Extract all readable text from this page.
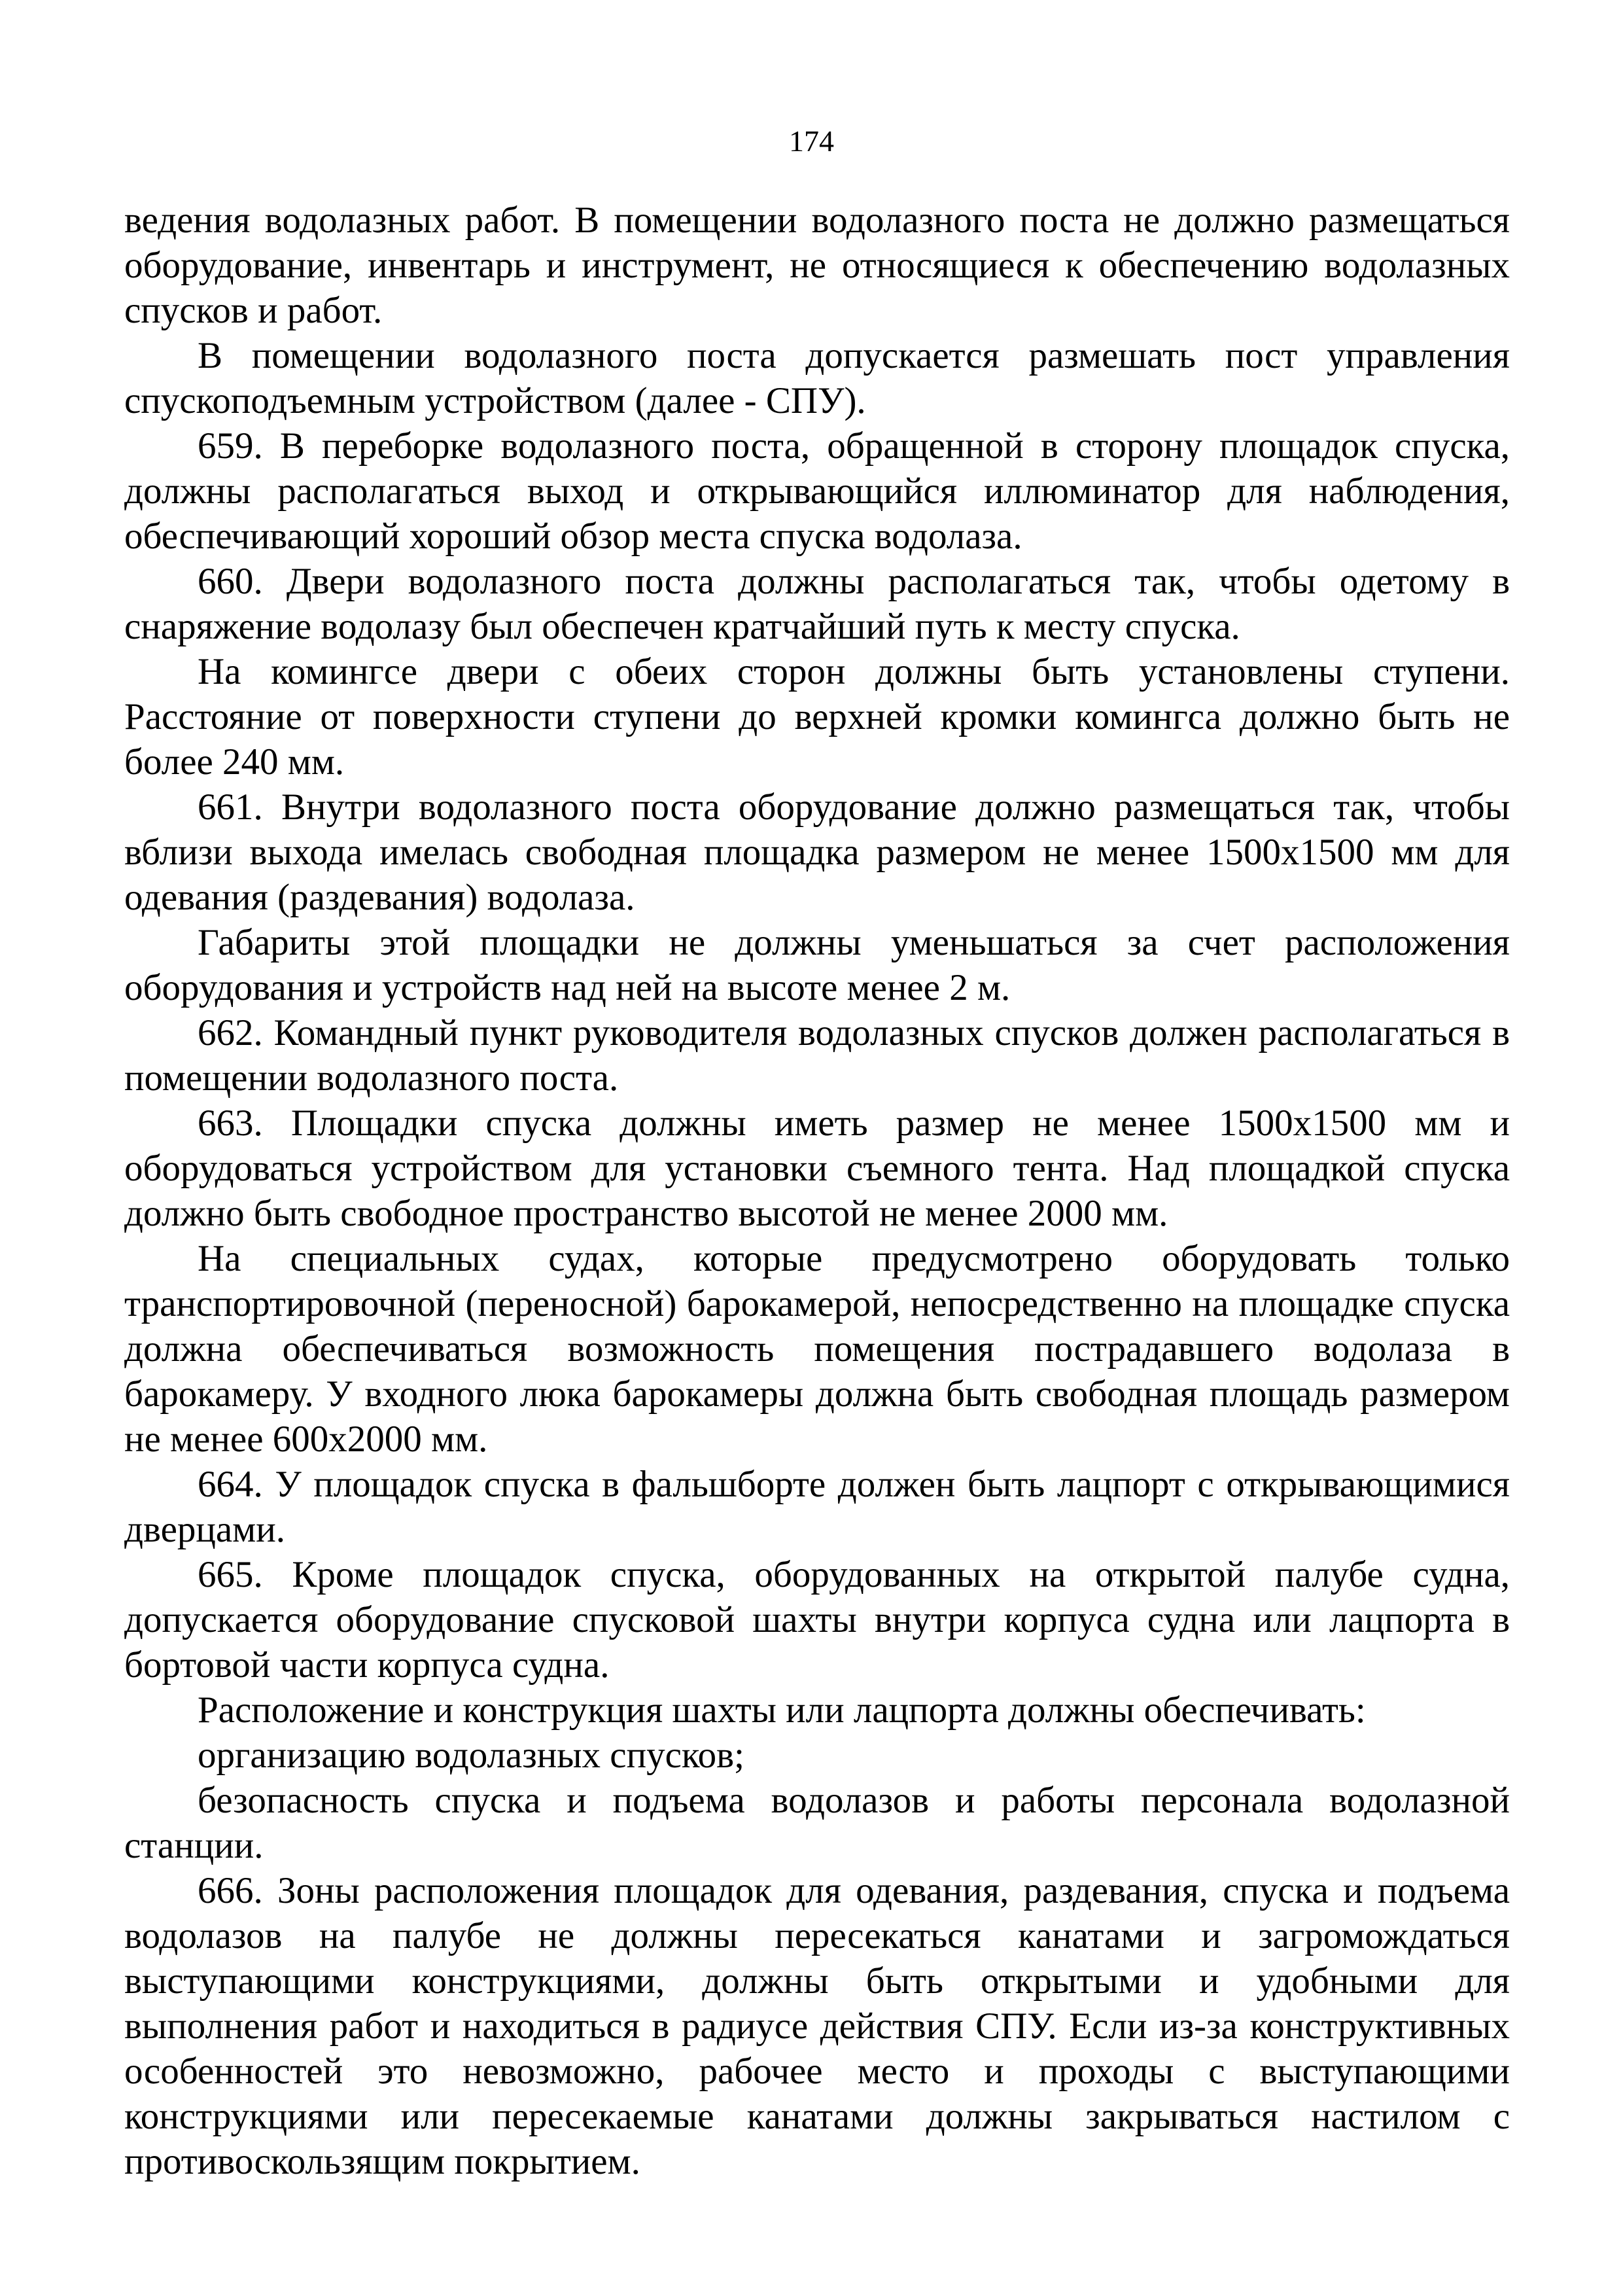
174

ведения водолазных работ. В помещении водолазного поста не должно размещаться оборудование, инвентарь и инструмент, не относящиеся к обеспечению водолазных спусков и работ.

В помещении водолазного поста допускается размешать пост управления спускоподъемным устройством (далее - СПУ).

659. В переборке водолазного поста, обращенной в сторону площадок спуска, должны располагаться выход и открывающийся иллюминатор для наблюдения, обеспечивающий хороший обзор места спуска водолаза.

660. Двери водолазного поста должны располагаться так, чтобы одетому в снаряжение водолазу был обеспечен кратчайший путь к месту спуска.

На комингсе двери с обеих сторон должны быть установлены ступени. Расстояние от поверхности ступени до верхней кромки комингса должно быть не более 240 мм.

661. Внутри водолазного поста оборудование должно размещаться так, чтобы вблизи выхода имелась свободная площадка размером не менее 1500x1500 мм для одевания (раздевания) водолаза.

Габариты этой площадки не должны уменьшаться за счет расположения оборудования и устройств над ней на высоте менее 2 м.

662. Командный пункт руководителя водолазных спусков должен располагаться в помещении водолазного поста.

663. Площадки спуска должны иметь размер не менее 1500x1500 мм и оборудоваться устройством для установки съемного тента. Над площадкой спуска должно быть свободное пространство высотой не менее 2000 мм.

На специальных судах, которые предусмотрено оборудовать только транспортировочной (переносной) барокамерой, непосредственно на площадке спуска должна обеспечиваться возможность помещения пострадавшего водолаза в барокамеру. У входного люка барокамеры должна быть свободная площадь размером не менее 600x2000 мм.

664. У площадок спуска в фальшборте должен быть лацпорт с открывающимися дверцами.

665. Кроме площадок спуска, оборудованных на открытой палубе судна, допускается оборудование спусковой шахты внутри корпуса судна или лацпорта в бортовой части корпуса судна.

Расположение и конструкция шахты или лацпорта должны обеспечивать:

организацию водолазных спусков;

безопасность спуска и подъема водолазов и работы персонала водолазной станции.

666. Зоны расположения площадок для одевания, раздевания, спуска и подъема водолазов на палубе не должны пересекаться канатами и загромождаться выступающими конструкциями, должны быть открытыми и удобными для выполнения работ и находиться в радиусе действия СПУ. Если из-за конструктивных особенностей это невозможно, рабочее место и проходы с выступающими конструкциями или пересекаемые канатами должны закрываться настилом с противоскользящим покрытием.
